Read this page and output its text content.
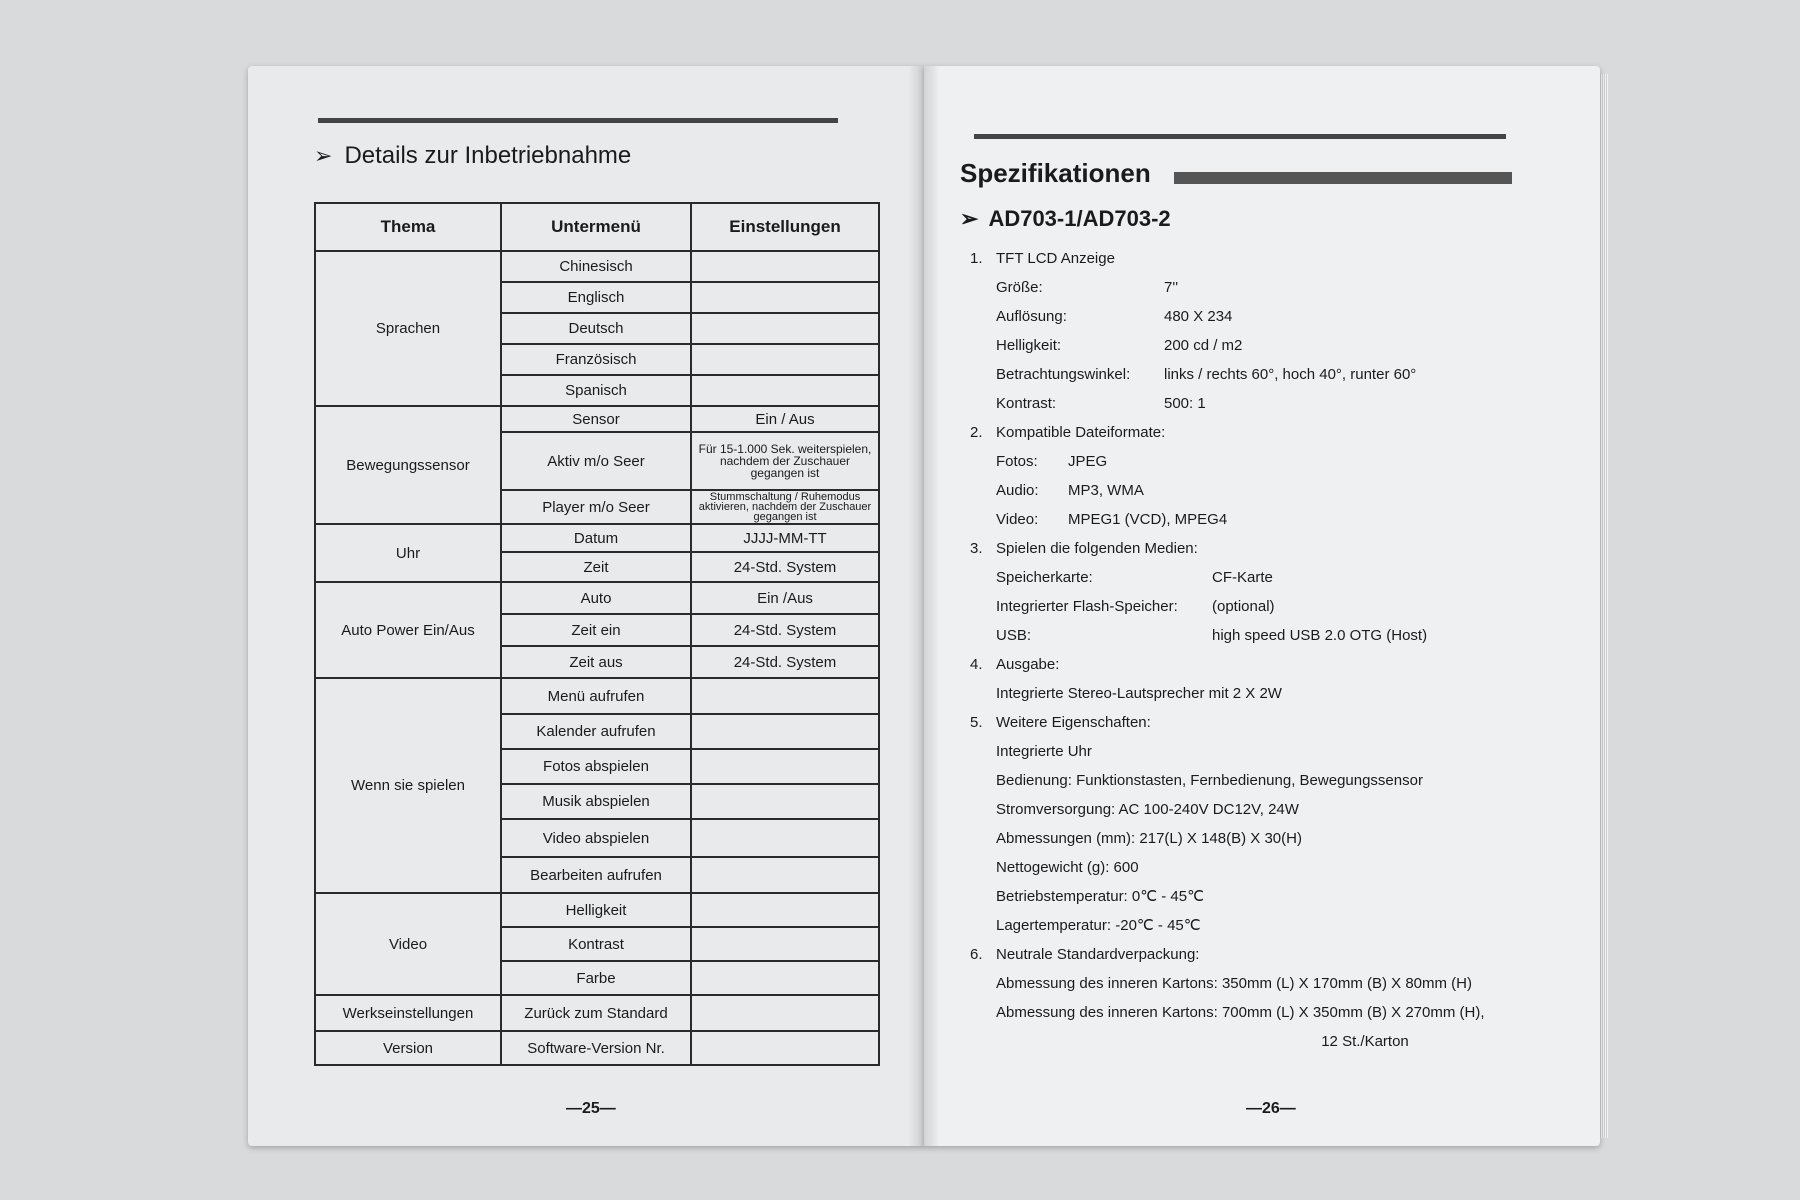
➢ Details zur Inbetriebnahme
Thema	Untermenü	Einstellungen
Sprachen	Chinesisch	
	Englisch	
	Deutsch	
	Französisch	
	Spanisch	
Bewegungssensor	Sensor	Ein / Aus
	Aktiv m/o Seer	Für 15-1.000 Sek. weiterspielen, nachdem der Zuschauer gegangen ist
	Player m/o Seer	Stummschaltung / Ruhemodus aktivieren, nachdem der Zuschauer gegangen ist
Uhr	Datum	JJJJ-MM-TT
	Zeit	24-Std. System
Auto Power Ein/Aus	Auto	Ein /Aus
	Zeit ein	24-Std. System
	Zeit aus	24-Std. System
Wenn sie spielen	Menü aufrufen	
	Kalender aufrufen	
	Fotos abspielen	
	Musik abspielen	
	Video abspielen	
	Bearbeiten aufrufen	
Video	Helligkeit	
	Kontrast	
	Farbe	
Werkseinstellungen	Zurück zum Standard	
Version	Software-Version Nr.	
—25—
Spezifikationen
➢ AD703-1/AD703-2
1. TFT LCD Anzeige
Größe:	7''
Auflösung:	480 X 234
Helligkeit:	200 cd / m2
Betrachtungswinkel:	links / rechts 60°, hoch 40°, runter 60°
Kontrast:	500: 1
2. Kompatible Dateiformate:
Fotos:	JPEG
Audio:	MP3, WMA
Video:	MPEG1 (VCD), MPEG4
3. Spielen die folgenden Medien:
Speicherkarte:	CF-Karte
Integrierter Flash-Speicher:	(optional)
USB:	high speed USB 2.0 OTG (Host)
4. Ausgabe:
Integrierte Stereo-Lautsprecher mit 2 X 2W
5. Weitere Eigenschaften:
Integrierte Uhr
Bedienung: Funktionstasten, Fernbedienung, Bewegungssensor
Stromversorgung: AC 100-240V DC12V, 24W
Abmessungen (mm): 217(L) X 148(B) X 30(H)
Nettogewicht (g): 600
Betriebstemperatur: 0℃ - 45℃
Lagertemperatur: -20℃ - 45℃
6. Neutrale Standardverpackung:
Abmessung des inneren Kartons: 350mm (L) X 170mm (B) X 80mm (H)
Abmessung des inneren Kartons: 700mm (L) X 350mm (B) X 270mm (H),
12 St./Karton
—26—
